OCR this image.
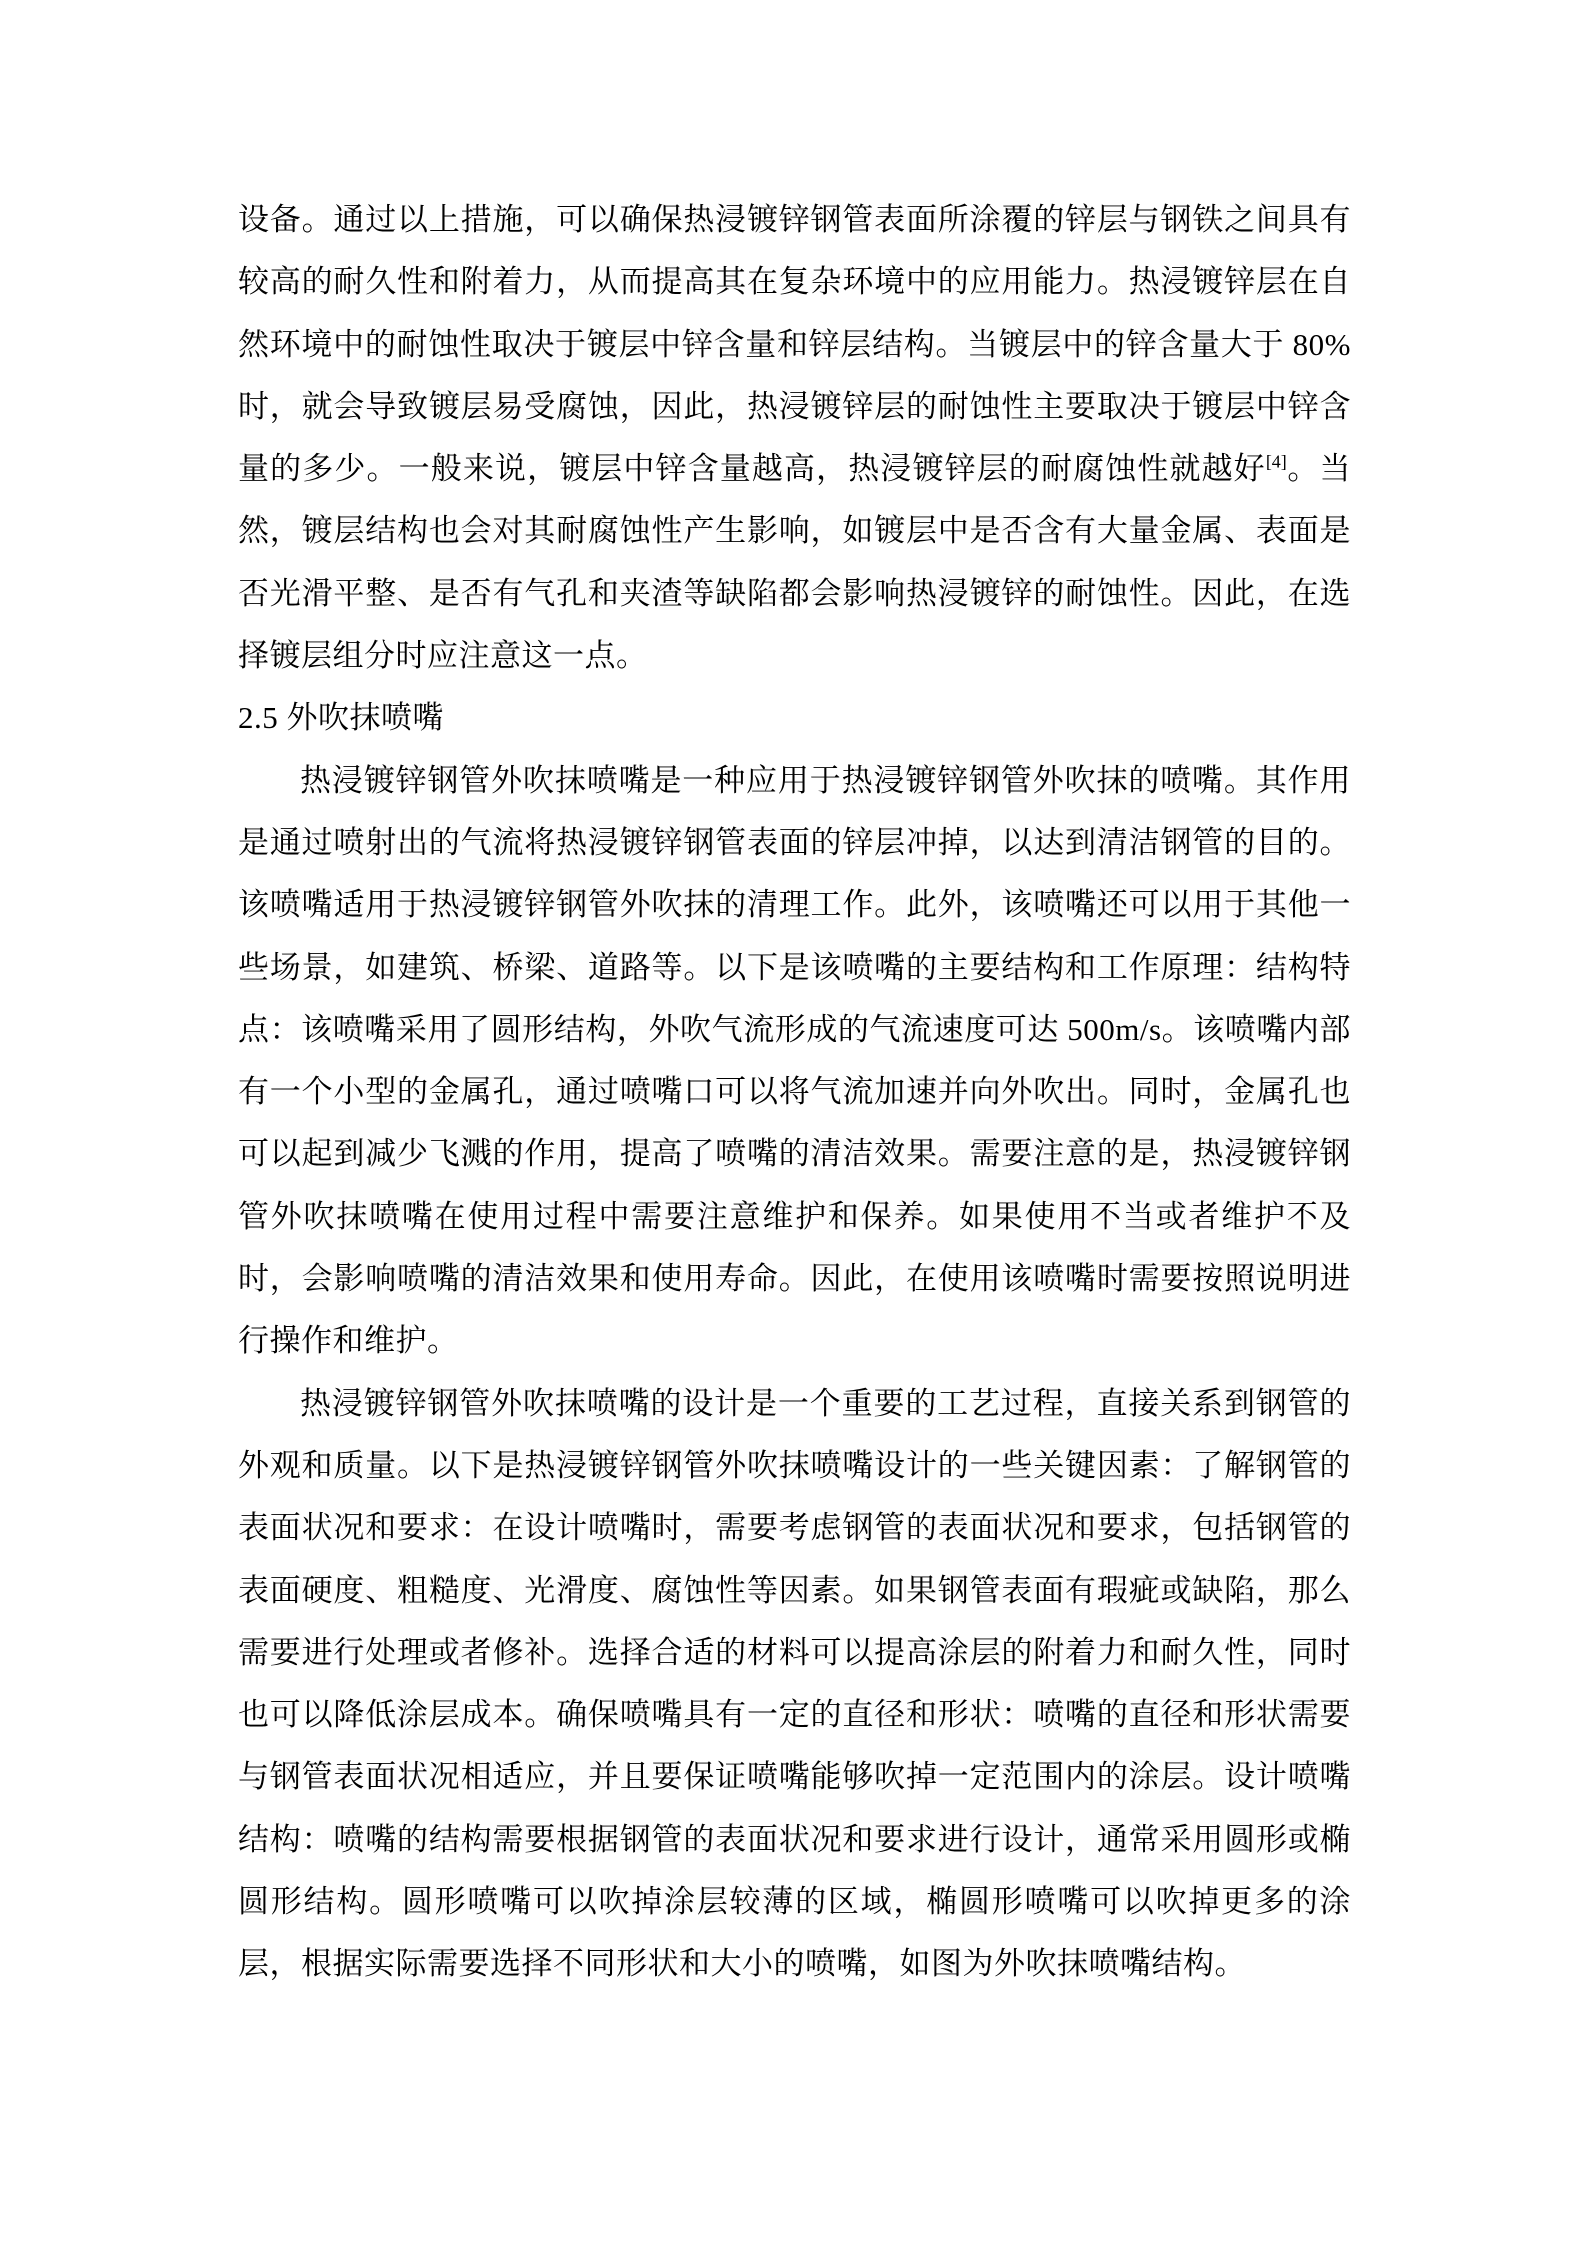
设备。通过以上措施，可以确保热浸镀锌钢管表面所涂覆的锌层与钢铁之间具有较高的耐久性和附着力，从而提高其在复杂环境中的应用能力。热浸镀锌层在自然环境中的耐蚀性取决于镀层中锌含量和锌层结构。当镀层中的锌含量大于 80%时，就会导致镀层易受腐蚀，因此，热浸镀锌层的耐蚀性主要取决于镀层中锌含量的多少。一般来说，镀层中锌含量越高，热浸镀锌层的耐腐蚀性就越好[4]。当然，镀层结构也会对其耐腐蚀性产生影响，如镀层中是否含有大量金属、表面是否光滑平整、是否有气孔和夹渣等缺陷都会影响热浸镀锌的耐蚀性。因此，在选择镀层组分时应注意这一点。

2.5 外吹抹喷嘴

热浸镀锌钢管外吹抹喷嘴是一种应用于热浸镀锌钢管外吹抹的喷嘴。其作用是通过喷射出的气流将热浸镀锌钢管表面的锌层冲掉，以达到清洁钢管的目的。该喷嘴适用于热浸镀锌钢管外吹抹的清理工作。此外，该喷嘴还可以用于其他一些场景，如建筑、桥梁、道路等。以下是该喷嘴的主要结构和工作原理：结构特点：该喷嘴采用了圆形结构，外吹气流形成的气流速度可达 500m/s。该喷嘴内部有一个小型的金属孔，通过喷嘴口可以将气流加速并向外吹出。同时，金属孔也可以起到减少飞溅的作用，提高了喷嘴的清洁效果。需要注意的是，热浸镀锌钢管外吹抹喷嘴在使用过程中需要注意维护和保养。如果使用不当或者维护不及时，会影响喷嘴的清洁效果和使用寿命。因此，在使用该喷嘴时需要按照说明进行操作和维护。

热浸镀锌钢管外吹抹喷嘴的设计是一个重要的工艺过程，直接关系到钢管的外观和质量。以下是热浸镀锌钢管外吹抹喷嘴设计的一些关键因素：了解钢管的表面状况和要求：在设计喷嘴时，需要考虑钢管的表面状况和要求，包括钢管的表面硬度、粗糙度、光滑度、腐蚀性等因素。如果钢管表面有瑕疵或缺陷，那么需要进行处理或者修补。选择合适的材料可以提高涂层的附着力和耐久性，同时也可以降低涂层成本。确保喷嘴具有一定的直径和形状：喷嘴的直径和形状需要与钢管表面状况相适应，并且要保证喷嘴能够吹掉一定范围内的涂层。设计喷嘴结构：喷嘴的结构需要根据钢管的表面状况和要求进行设计，通常采用圆形或椭圆形结构。圆形喷嘴可以吹掉涂层较薄的区域，椭圆形喷嘴可以吹掉更多的涂层，根据实际需要选择不同形状和大小的喷嘴，如图为外吹抹喷嘴结构。
